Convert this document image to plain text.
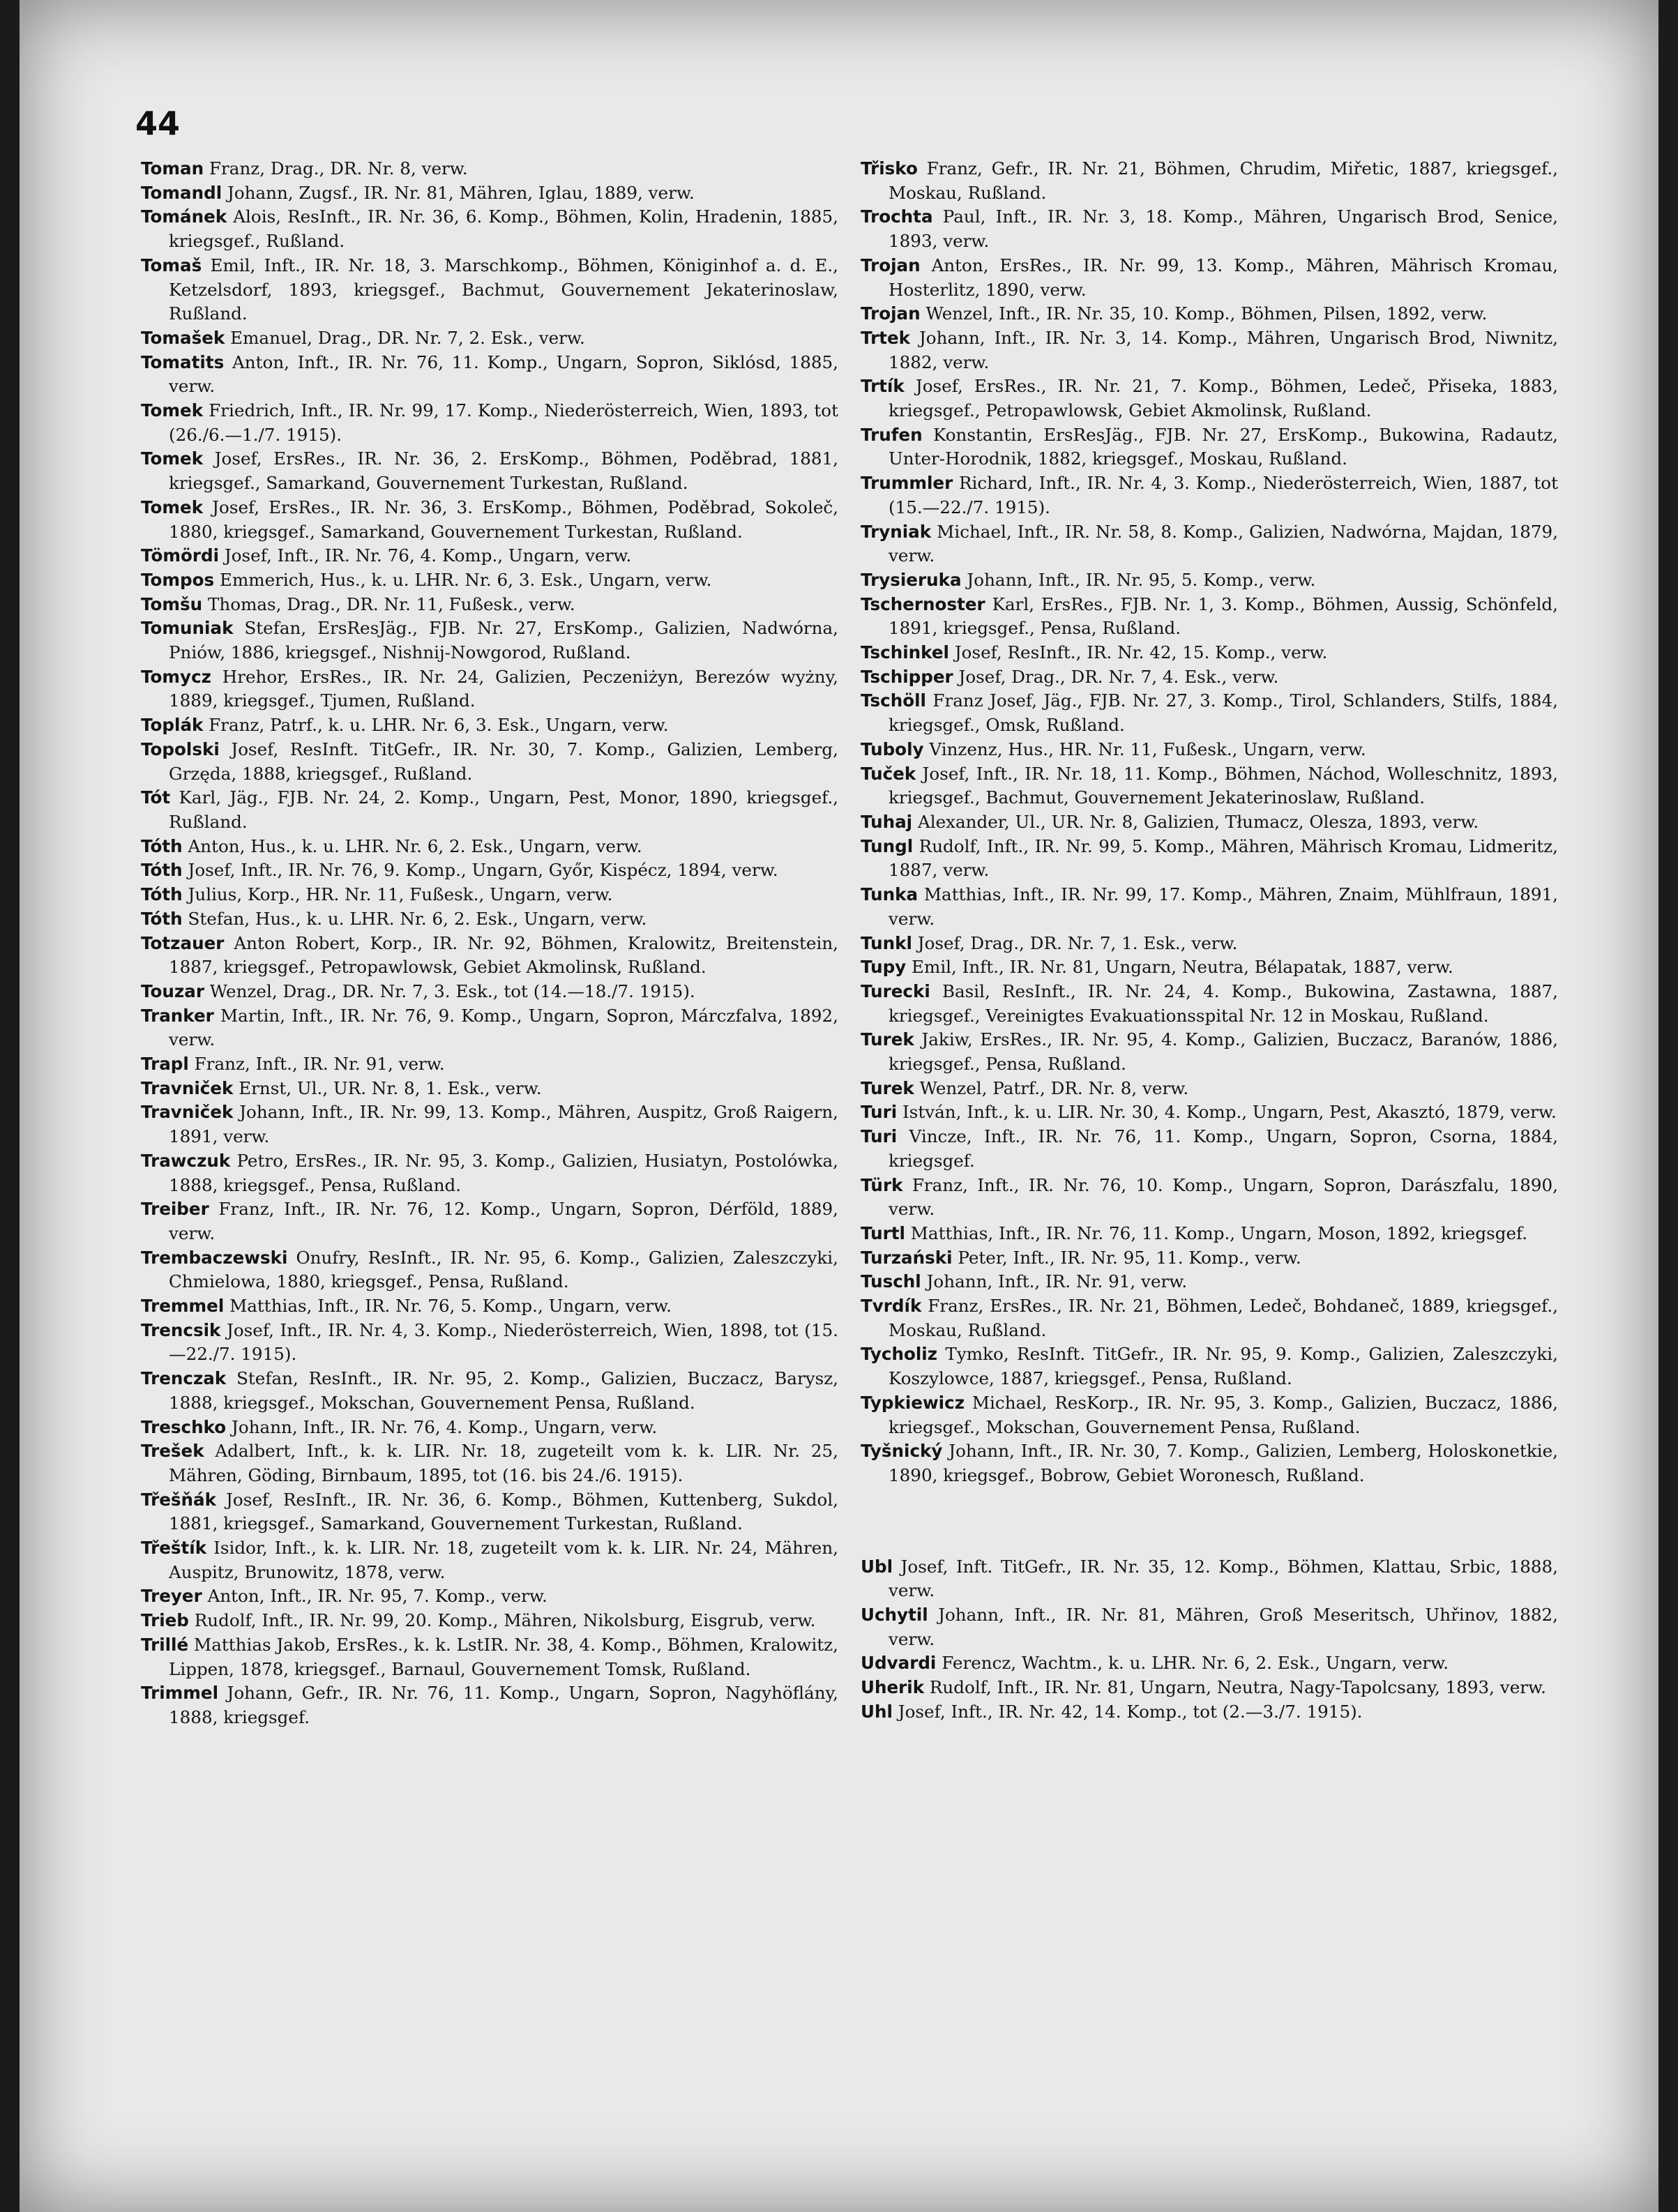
44
Toman Franz, Drag., DR. Nr. 8, verw.
Tomandl Johann, Zugsf., IR. Nr. 81, Mähren, Iglau, 1889, verw.
Tománek Alois, ResInft., IR. Nr. 36, 6. Komp., Böhmen, Kolin, Hradenin, 1885, kriegsgef., Rußland.
Tomaš Emil, Inft., IR. Nr. 18, 3. Marschkomp., Böhmen, Königinhof a. d. E., Ketzelsdorf, 1893, kriegsgef., Bachmut, Gouvernement Jekaterinoslaw, Rußland.
Tomašek Emanuel, Drag., DR. Nr. 7, 2. Esk., verw.
Tomatits Anton, Inft., IR. Nr. 76, 11. Komp., Ungarn, Sopron, Siklósd, 1885, verw.
Tomek Friedrich, Inft., IR. Nr. 99, 17. Komp., Niederösterreich, Wien, 1893, tot (26./6.—1./7. 1915).
Tomek Josef, ErsRes., IR. Nr. 36, 2. ErsKomp., Böhmen, Poděbrad, 1881, kriegsgef., Samarkand, Gouvernement Turkestan, Rußland.
Tomek Josef, ErsRes., IR. Nr. 36, 3. ErsKomp., Böhmen, Poděbrad, Sokoleč, 1880, kriegsgef., Samarkand, Gouvernement Turkestan, Rußland.
Tömördi Josef, Inft., IR. Nr. 76, 4. Komp., Ungarn, verw.
Tompos Emmerich, Hus., k. u. LHR. Nr. 6, 3. Esk., Ungarn, verw.
Tomšu Thomas, Drag., DR. Nr. 11, Fußesk., verw.
Tomuniak Stefan, ErsResJäg., FJB. Nr. 27, ErsKomp., Galizien, Nadwórna, Pniów, 1886, kriegsgef., Nishnij-Nowgorod, Rußland.
Tomycz Hrehor, ErsRes., IR. Nr. 24, Galizien, Peczeniżyn, Berezów wyżny, 1889, kriegsgef., Tjumen, Rußland.
Toplák Franz, Patrf., k. u. LHR. Nr. 6, 3. Esk., Ungarn, verw.
Topolski Josef, ResInft. TitGefr., IR. Nr. 30, 7. Komp., Galizien, Lemberg, Grzęda, 1888, kriegsgef., Rußland.
Tót Karl, Jäg., FJB. Nr. 24, 2. Komp., Ungarn, Pest, Monor, 1890, kriegsgef., Rußland.
Tóth Anton, Hus., k. u. LHR. Nr. 6, 2. Esk., Ungarn, verw.
Tóth Josef, Inft., IR. Nr. 76, 9. Komp., Ungarn, Győr, Kispécz, 1894, verw.
Tóth Julius, Korp., HR. Nr. 11, Fußesk., Ungarn, verw.
Tóth Stefan, Hus., k. u. LHR. Nr. 6, 2. Esk., Ungarn, verw.
Totzauer Anton Robert, Korp., IR. Nr. 92, Böhmen, Kralowitz, Breitenstein, 1887, kriegsgef., Petropawlowsk, Gebiet Akmolinsk, Rußland.
Touzar Wenzel, Drag., DR. Nr. 7, 3. Esk., tot (14.—18./7. 1915).
Tranker Martin, Inft., IR. Nr. 76, 9. Komp., Ungarn, Sopron, Márczfalva, 1892, verw.
Trapl Franz, Inft., IR. Nr. 91, verw.
Travniček Ernst, Ul., UR. Nr. 8, 1. Esk., verw.
Travniček Johann, Inft., IR. Nr. 99, 13. Komp., Mähren, Auspitz, Groß Raigern, 1891, verw.
Trawczuk Petro, ErsRes., IR. Nr. 95, 3. Komp., Galizien, Husiatyn, Postolówka, 1888, kriegsgef., Pensa, Rußland.
Treiber Franz, Inft., IR. Nr. 76, 12. Komp., Ungarn, Sopron, Dérföld, 1889, verw.
Trembaczewski Onufry, ResInft., IR. Nr. 95, 6. Komp., Galizien, Zaleszczyki, Chmielowa, 1880, kriegsgef., Pensa, Rußland.
Tremmel Matthias, Inft., IR. Nr. 76, 5. Komp., Ungarn, verw.
Trencsik Josef, Inft., IR. Nr. 4, 3. Komp., Niederösterreich, Wien, 1898, tot (15.—22./7. 1915).
Trenczak Stefan, ResInft., IR. Nr. 95, 2. Komp., Galizien, Buczacz, Barysz, 1888, kriegsgef., Mokschan, Gouvernement Pensa, Rußland.
Treschko Johann, Inft., IR. Nr. 76, 4. Komp., Ungarn, verw.
Trešek Adalbert, Inft., k. k. LIR. Nr. 18, zugeteilt vom k. k. LIR. Nr. 25, Mähren, Göding, Birnbaum, 1895, tot (16. bis 24./6. 1915).
Třešňák Josef, ResInft., IR. Nr. 36, 6. Komp., Böhmen, Kuttenberg, Sukdol, 1881, kriegsgef., Samarkand, Gouvernement Turkestan, Rußland.
Třeštík Isidor, Inft., k. k. LIR. Nr. 18, zugeteilt vom k. k. LIR. Nr. 24, Mähren, Auspitz, Brunowitz, 1878, verw.
Treyer Anton, Inft., IR. Nr. 95, 7. Komp., verw.
Trieb Rudolf, Inft., IR. Nr. 99, 20. Komp., Mähren, Nikolsburg, Eisgrub, verw.
Trillé Matthias Jakob, ErsRes., k. k. LstIR. Nr. 38, 4. Komp., Böhmen, Kralowitz, Lippen, 1878, kriegsgef., Barnaul, Gouvernement Tomsk, Rußland.
Trimmel Johann, Gefr., IR. Nr. 76, 11. Komp., Ungarn, Sopron, Nagyhöflány, 1888, kriegsgef.
Třisko Franz, Gefr., IR. Nr. 21, Böhmen, Chrudim, Miřetic, 1887, kriegsgef., Moskau, Rußland.
Trochta Paul, Inft., IR. Nr. 3, 18. Komp., Mähren, Ungarisch Brod, Senice, 1893, verw.
Trojan Anton, ErsRes., IR. Nr. 99, 13. Komp., Mähren, Mährisch Kromau, Hosterlitz, 1890, verw.
Trojan Wenzel, Inft., IR. Nr. 35, 10. Komp., Böhmen, Pilsen, 1892, verw.
Trtek Johann, Inft., IR. Nr. 3, 14. Komp., Mähren, Ungarisch Brod, Niwnitz, 1882, verw.
Trtík Josef, ErsRes., IR. Nr. 21, 7. Komp., Böhmen, Ledeč, Přiseka, 1883, kriegsgef., Petropawlowsk, Gebiet Akmolinsk, Rußland.
Trufen Konstantin, ErsResJäg., FJB. Nr. 27, ErsKomp., Bukowina, Radautz, Unter-Horodnik, 1882, kriegsgef., Moskau, Rußland.
Trummler Richard, Inft., IR. Nr. 4, 3. Komp., Niederösterreich, Wien, 1887, tot (15.—22./7. 1915).
Tryniak Michael, Inft., IR. Nr. 58, 8. Komp., Galizien, Nadwórna, Majdan, 1879, verw.
Trysieruka Johann, Inft., IR. Nr. 95, 5. Komp., verw.
Tschernoster Karl, ErsRes., FJB. Nr. 1, 3. Komp., Böhmen, Aussig, Schönfeld, 1891, kriegsgef., Pensa, Rußland.
Tschinkel Josef, ResInft., IR. Nr. 42, 15. Komp., verw.
Tschipper Josef, Drag., DR. Nr. 7, 4. Esk., verw.
Tschöll Franz Josef, Jäg., FJB. Nr. 27, 3. Komp., Tirol, Schlanders, Stilfs, 1884, kriegsgef., Omsk, Rußland.
Tuboly Vinzenz, Hus., HR. Nr. 11, Fußesk., Ungarn, verw.
Tuček Josef, Inft., IR. Nr. 18, 11. Komp., Böhmen, Náchod, Wolleschnitz, 1893, kriegsgef., Bachmut, Gouvernement Jekaterinoslaw, Rußland.
Tuhaj Alexander, Ul., UR. Nr. 8, Galizien, Tłumacz, Olesza, 1893, verw.
Tungl Rudolf, Inft., IR. Nr. 99, 5. Komp., Mähren, Mährisch Kromau, Lidmeritz, 1887, verw.
Tunka Matthias, Inft., IR. Nr. 99, 17. Komp., Mähren, Znaim, Mühlfraun, 1891, verw.
Tunkl Josef, Drag., DR. Nr. 7, 1. Esk., verw.
Tupy Emil, Inft., IR. Nr. 81, Ungarn, Neutra, Bélapatak, 1887, verw.
Turecki Basil, ResInft., IR. Nr. 24, 4. Komp., Bukowina, Zastawna, 1887, kriegsgef., Vereinigtes Evakuationsspital Nr. 12 in Moskau, Rußland.
Turek Jakiw, ErsRes., IR. Nr. 95, 4. Komp., Galizien, Buczacz, Baranów, 1886, kriegsgef., Pensa, Rußland.
Turek Wenzel, Patrf., DR. Nr. 8, verw.
Turi István, Inft., k. u. LIR. Nr. 30, 4. Komp., Ungarn, Pest, Akasztó, 1879, verw.
Turi Vincze, Inft., IR. Nr. 76, 11. Komp., Ungarn, Sopron, Csorna, 1884, kriegsgef.
Türk Franz, Inft., IR. Nr. 76, 10. Komp., Ungarn, Sopron, Darászfalu, 1890, verw.
Turtl Matthias, Inft., IR. Nr. 76, 11. Komp., Ungarn, Moson, 1892, kriegsgef.
Turzański Peter, Inft., IR. Nr. 95, 11. Komp., verw.
Tuschl Johann, Inft., IR. Nr. 91, verw.
Tvrdík Franz, ErsRes., IR. Nr. 21, Böhmen, Ledeč, Bohdaneč, 1889, kriegsgef., Moskau, Rußland.
Tycholiz Tymko, ResInft. TitGefr., IR. Nr. 95, 9. Komp., Galizien, Zaleszczyki, Koszylowce, 1887, kriegsgef., Pensa, Rußland.
Typkiewicz Michael, ResKorp., IR. Nr. 95, 3. Komp., Galizien, Buczacz, 1886, kriegsgef., Mokschan, Gouvernement Pensa, Rußland.
Tyšnický Johann, Inft., IR. Nr. 30, 7. Komp., Galizien, Lemberg, Holoskonetkie, 1890, kriegsgef., Bobrow, Gebiet Woronesch, Rußland.
Ubl Josef, Inft. TitGefr., IR. Nr. 35, 12. Komp., Böhmen, Klattau, Srbic, 1888, verw.
Uchytil Johann, Inft., IR. Nr. 81, Mähren, Groß Meseritsch, Uhřinov, 1882, verw.
Udvardi Ferencz, Wachtm., k. u. LHR. Nr. 6, 2. Esk., Ungarn, verw.
Uherik Rudolf, Inft., IR. Nr. 81, Ungarn, Neutra, Nagy-Tapolcsany, 1893, verw.
Uhl Josef, Inft., IR. Nr. 42, 14. Komp., tot (2.—3./7. 1915).
